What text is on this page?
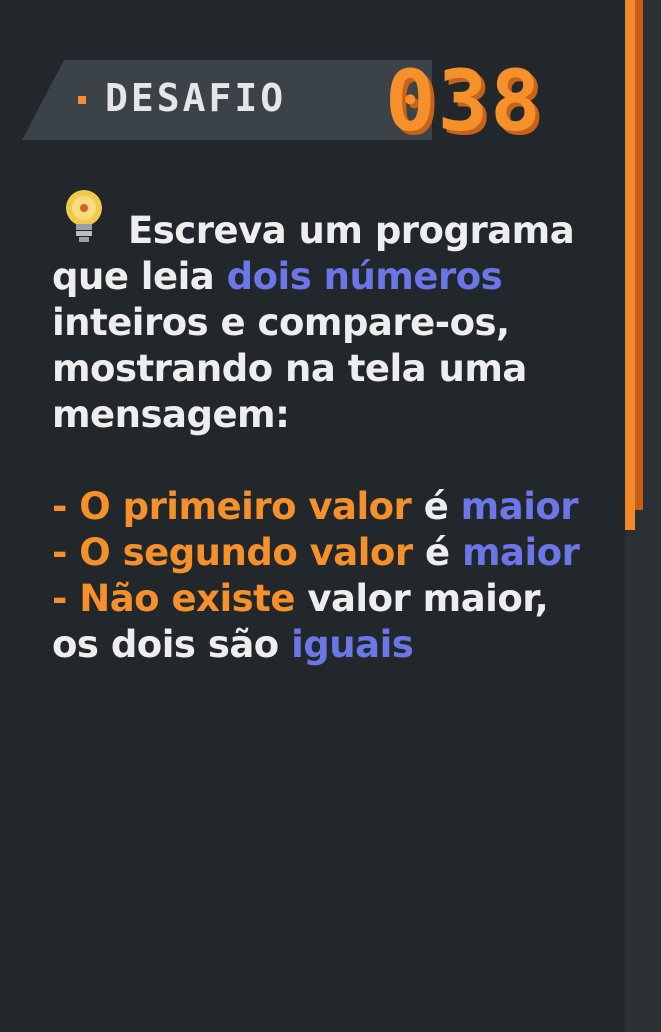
DESAFIO 038
Escreva um programa que leia dois números inteiros e compare-os, mostrando na tela uma mensagem:
- O primeiro valor é maior
- O segundo valor é maior
- Não existe valor maior, os dois são iguais
